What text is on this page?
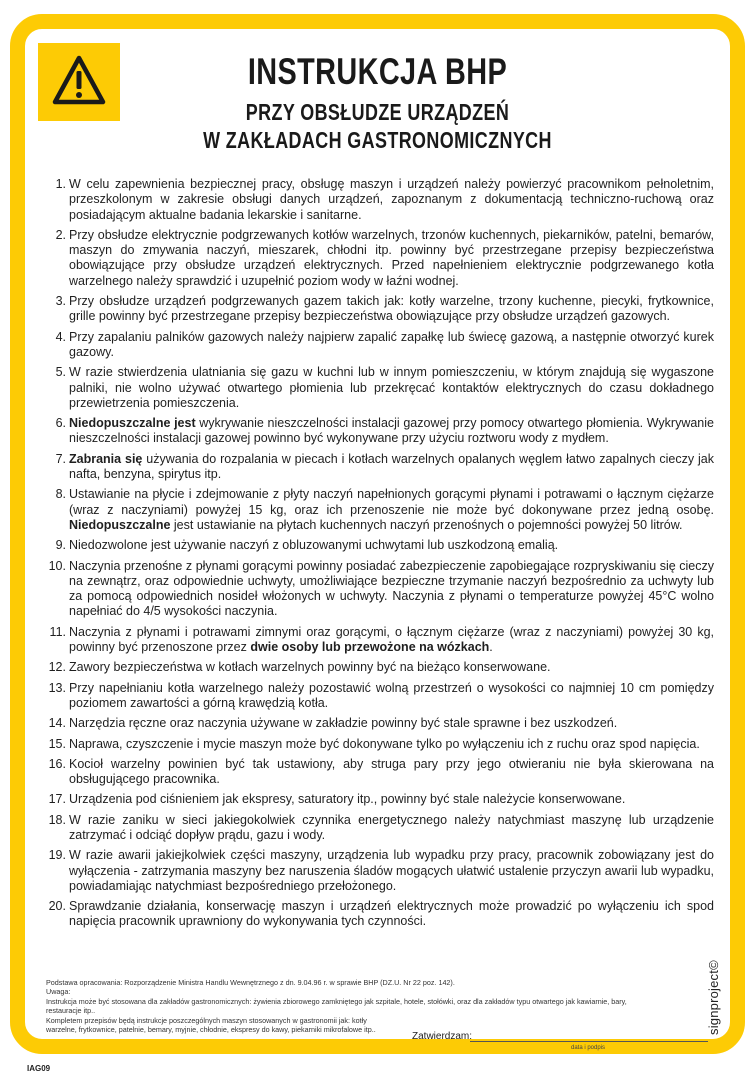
INSTRUKCJA BHP
PRZY OBSŁUDZE URZĄDZEŃ
W ZAKŁADACH GASTRONOMICZNYCH
1. W celu zapewnienia bezpiecznej pracy, obsługę maszyn i urządzeń należy powierzyć pracownikom pełnoletnim, przeszkolonym w zakresie obsługi danych urządzeń, zapoznanym z dokumentacją techniczno-ruchową oraz posiadającym aktualne badania lekarskie i sanitarne.
2. Przy obsłudze elektrycznie podgrzewanych kotłów warzelnych, trzonów kuchennych, piekarników, patelni, bemarów, maszyn do zmywania naczyń, mieszarek, chłodni itp. powinny być przestrzegane przepisy bezpieczeństwa obowiązujące przy obsłudze urządzeń elektrycznych. Przed napełnieniem elektrycznie podgrzewanego kotła warzelnego należy sprawdzić i uzupełnić poziom wody w łaźni wodnej.
3. Przy obsłudze urządzeń podgrzewanych gazem takich jak: kotły warzelne, trzony kuchenne, piecyki, frytkownice, grille powinny być przestrzegane przepisy bezpieczeństwa obowiązujące przy obsłudze urządzeń gazowych.
4. Przy zapalaniu palników gazowych należy najpierw zapalić zapałkę lub świecę gazową, a następnie otworzyć kurek gazowy.
5. W razie stwierdzenia ulatniania się gazu w kuchni lub w innym pomieszczeniu, w którym znajdują się wygaszone palniki, nie wolno używać otwartego płomienia lub przekręcać kontaktów elektrycznych do czasu dokładnego przewietrzenia pomieszczenia.
6. Niedopuszczalne jest wykrywanie nieszczelności instalacji gazowej przy pomocy otwartego płomienia. Wykrywanie nieszczelności instalacji gazowej powinno być wykonywane przy użyciu roztworu wody z mydłem.
7. Zabrania się używania do rozpalania w piecach i kotłach warzelnych opalanych węglem łatwo zapalnych cieczy jak nafta, benzyna, spirytus itp.
8. Ustawianie na płycie i zdejmowanie z płyty naczyń napełnionych gorącymi płynami i potrawami o łącznym ciężarze (wraz z naczyniami) powyżej 15 kg, oraz ich przenoszenie nie może być dokonywane przez jedną osobę. Niedopuszczalne jest ustawianie na płytach kuchennych naczyń przenośnych o pojemności powyżej 50 litrów.
9. Niedozwolone jest używanie naczyń z obluzowanymi uchwytami lub uszkodzoną emalią.
10. Naczynia przenośne z płynami gorącymi powinny posiadać zabezpieczenie zapobiegające rozpryskiwaniu się cieczy na zewnątrz, oraz odpowiednie uchwyty, umożliwiające bezpieczne trzymanie naczyń bezpośrednio za uchwyty lub za pomocą odpowiednich nosideł włożonych w uchwyty. Naczynia z płynami o temperaturze powyżej 45°C wolno napełniać do 4/5 wysokości naczynia.
11. Naczynia z płynami i potrawami zimnymi oraz gorącymi, o łącznym ciężarze (wraz z naczyniami) powyżej 30 kg, powinny być przenoszone przez dwie osoby lub przewożone na wózkach.
12. Zawory bezpieczeństwa w kotłach warzelnych powinny być na bieżąco konserwowane.
13. Przy napełnianiu kotła warzelnego należy pozostawić wolną przestrzeń o wysokości co najmniej 10 cm pomiędzy poziomem zawartości a górną krawędzią kotła.
14. Narzędzia ręczne oraz naczynia używane w zakładzie powinny być stale sprawne i bez uszkodzeń.
15. Naprawa, czyszczenie i mycie maszyn może być dokonywane tylko po wyłączeniu ich z ruchu oraz spod napięcia.
16. Kocioł warzelny powinien być tak ustawiony, aby struga pary przy jego otwieraniu nie była skierowana na obsługującego pracownika.
17. Urządzenia pod ciśnieniem jak ekspresy, saturatory itp., powinny być stale należycie konserwowane.
18. W razie zaniku w sieci jakiegokolwiek czynnika energetycznego należy natychmiast maszynę lub urządzenie zatrzymać i odciąć dopływ prądu, gazu i wody.
19. W razie awarii jakiejkolwiek części maszyny, urządzenia lub wypadku przy pracy, pracownik zobowiązany jest do wyłączenia - zatrzymania maszyny bez naruszenia śladów mogących ułatwić ustalenie przyczyn awarii lub wypadku, powiadamiając natychmiast bezpośredniego przełożonego.
20. Sprawdzanie działania, konserwację maszyn i urządzeń elektrycznych może prowadzić po wyłączeniu ich spod napięcia pracownik uprawniony do wykonywania tych czynności.
Podstawa opracowania: Rozporządzenie Ministra Handlu Wewnętrznego z dn. 9.04.96 r. w sprawie BHP (DZ.U. Nr 22 poz. 142).
Uwaga:
Instrukcja może być stosowana dla zakładów gastronomicznych: żywienia zbiorowego zamkniętego jak szpitale, hotele, stołówki, oraz dla zakładów typu otwartego jak kawiarnie, bary, restauracje itp..
Kompletem przepisów będą instrukcje poszczególnych maszyn stosowanych w gastronomii jak: kotły warzelne, frytkownice, patelnie, bemary, myjnie, chłodnie, ekspresy do kawy, piekarniki mikrofalowe itp..
Zatwierdzam:
data i podpis
signproject©
IAG09
